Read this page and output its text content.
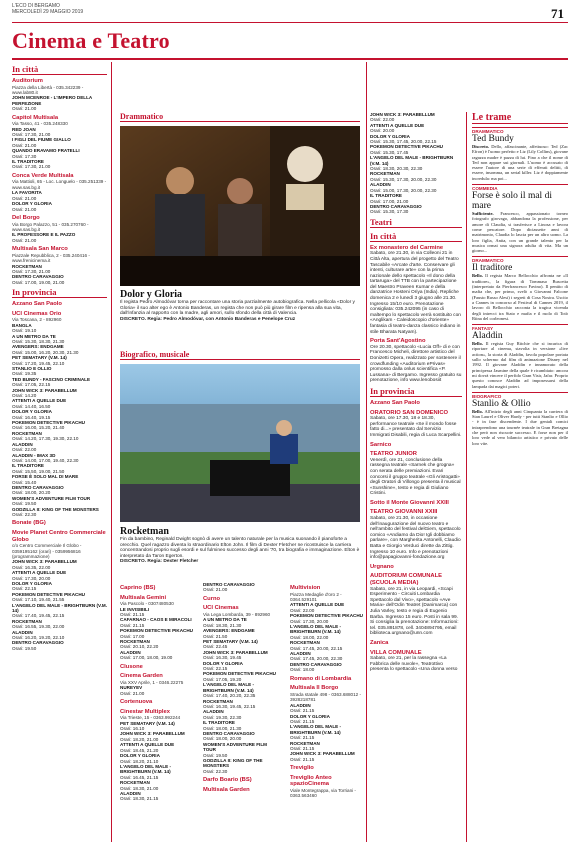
L'ECO DI BERGAMO
MERCOLEDÌ 29 MAGGIO 2019	71
Cinema e Teatro
In città
Auditorium
Piazza della Libertà - 035.342239 - www.lab80.it
JOHN MCENROE - L'IMPERO DELLA PERFEZIONE
Orari: 21.00
Capitol Multisala
Via Tasso, 41 - 035.248330
RED JOAN
Orari: 17.30, 21.00
I FIGLI DEL FIUME GIALLO
Orari: 21.00
QUANDO ERAVAMO FRATELLI
Orari: 17.30
IL TRADITORE
Orari: 17.30, 21.00
Conca Verde Multisala
Via Mattioli, 65 - Loc. Longuelo - 035.251339 - www.sas.bg.it
LA FAVORITA
Orari: 21.00
DOLOR Y GLORIA
Orari: 21.00
Del Borgo
Via Borgo Palazzo, 51 - 035.270760 - www.sas.bg.it
IL PROFESSORE E IL PAZZO
Orari: 21.00
Multisala San Marco
Piazzale Repubblica, 2 - 035.240416 - www.frenicinema.it
ROCKETMAN
Orari: 17.30, 21.00
DENTRO CARAVAGGIO
Orari: 17.00, 19.00, 21.00
In provincia
Azzano San Paolo
UCI Cinemas Orio
Via Toscana, 2 - 892960
BANGLA
Orari: 19.10
A UN METRO DA TE
Orari: 15.30, 18.30, 21.30
AVENGERS: ENDGAME
Orari: 15.00, 16.20, 20.30, 21.30
PET SEMATARY (V.M. 14)
Orari: 17.20, 19.45, 22.10
STANLIO E OLLIO
Orari: 19.35
TED BUNDY - FASCINO CRIMINALE
Orari: 17.05, 22.15
JOHN WICK 3: PARABELLUM
Orari: 14.20
ATTENTI A QUELLE DUE
Orari: 14.40, 16.50
DOLOR Y GLORIA
Orari: 16.40, 19.15
POKEMON DETECTIVE PIKACHU
Orari: 16.00, 15.20, 21.40
ROCKETMAN
Orari: 14.20, 17.30, 19.30, 22.10
ALADDIN
Orari: 22.00
ALADDIN - IMAX 3D
Orari: 14.00, 17.00, 19.40, 22.30
IL TRADITORE
Orari: 15.50, 19.00, 21.50
FORSE È SOLO MAL DI MARE
Orari: 15.40
DENTRO CARAVAGGIO
Orari: 18.00, 20.20
WOMEN'S ADVENTURE FILM TOUR
Orari: 19.50
GODZILLA II: KING OF THE MONSTERS
Orari: 22.30
Bonate (BG)
Movie Planet Centro Commerciale Globo
c/o Centro Commerciale Il Globo - 0359195162 (orari) - 0359956816 (programmazione)
JOHN WICK 3: PARABELLUM
Orari: 16.35, 22.00
ATTENTI A QUELLE DUE
Orari: 17.30, 20.00
DOLOR Y GLORIA
Orari: 22.15
POKEMON DETECTIVE PIKACHU
Orari: 17.10, 19.40, 21.55
L'ANGELO DEL MALE - BRIGHTBURN (V.M. 14)
Orari: 17.40, 19.45, 22.15
ROCKETMAN
Orari: 16.55, 19.30, 22.00
ALADDIN
Orari: 16.20, 19.20, 22.10
DENTRO CARAVAGGIO
Orari: 19.50
Drammatico
Dolor y Gloria
Il regista Pedro Almodóvar torna per raccontare una storia parzialmente autobiografica. Nella pellicola «Dolor y Gloria» il suo alter ego è Antonio Banderas, un regista che non può più girare film e ripensa alla sua vita, dall'infanzia al rapporto con la madre, agli amori, sullo sfondo della città di Valencia.
DISCRETO. Regia: Pedro Almodóvar, con Antonio Banderas e Penelope Cruz
Biografico, musicale
Rocketman
Fin da bambino, Reginald Dwight sognò di avere un talento naturale per la musica suonando il pianoforte a orecchio. Quel ragazzo diventa lo straordinario Elton John. Il film di Dexter Fletcher ne ricostruisce la carriera concentrandosi proprio sugli esordi e sul fulmineo successo degli anni '70, tra biografia e immaginazione. Elton è interpretato da Taron Egerton.
DISCRETO. Regia: Dexter Fletcher
Caprino (BS)
Multisala Gemini
Via Pascolo - 0307480530
LE INVISIBILI
Orari: 21.15
CAFARNAO - CAOS E MIRACOLI
Orari: 21.15
POKEMON DETECTIVE PIKACHU
Orari: 17.00
ROCKETMAN
Orari: 20.10, 22.20
ALADDIN
Orari: 17.00, 18.00, 19.00
Clusone
Cinema Garden
Via XXV Aprile, 1 - 0346.22275
NUREYEV
Orari: 21.00
Cortenuova
Cinestar Multiplex
Via Trieste, 15 - 0363.992244
PET SEMATARY (V.M. 14)
Orari: 16.10
JOHN WICK 3: PARABELLUM
Orari: 18.20, 21.00
ATTENTI A QUELLE DUE
Orari: 18.45, 21.20
DOLOR Y GLORIA
Orari: 18.20, 21.10
L'ANGELO DEL MALE - BRIGHTBURN (V.M. 14)
Orari: 16.45, 21.15
ROCKETMAN
Orari: 18.30, 21.00
ALADDIN
Orari: 18.30, 21.15
DENTRO CARAVAGGIO
Orari: 21.00
Curno
UCI Cinemas
Via Lega Lombarda, 39 - 892960
A UN METRO DA TE
Orari: 18.30, 21.30
AVENGERS: ENDGAME
Orari: 21.50
PET SEMATARY (V.M. 14)
Orari: 22.45
JOHN WICK 3: PARABELLUM
Orari: 16.30, 19.45
DOLOR Y GLORIA
Orari: 22.15
POKEMON DETECTIVE PIKACHU
Orari: 17.05, 19.20
L'ANGELO DEL MALE - BRIGHTBURN (V.M. 14)
Orari: 17.40, 20.20, 22.35
ROCKETMAN
Orari: 16.30, 19.45, 22.15
ALADDIN
Orari: 19.30, 22.30
IL TRADITORE
Orari: 18.00, 21.30
DENTRO CARAVAGGIO
Orari: 18.00, 20.00
WOMEN'S ADVENTURE FILM TOUR
Orari: 19.50
GODZILLA II: KING OF THE MONSTERS
Orari: 22.30
Darfo Boario (BS)
Multisala Garden
Multivision
Piazza Medaglie d'oro 2 - 0364.529101
ATTENTI A QUELLE DUE
Orari: 22.00
POKEMON DETECTIVE PIKACHU
Orari: 17.30, 20.00
L'ANGELO DEL MALE - BRIGHTBURN (V.M. 14)
Orari: 18.00, 22.00
ROCKETMAN
Orari: 17.45, 20.00, 22.15
ALADDIN
Orari: 17.45, 20.00, 22.30
DENTRO CARAVAGGIO
Orari: 18.00
Romano di Lombardia
Multisala Il Borgo
Strada statale 498 - 0363.688012 - 3928218781
ALADDIN
Orari: 21.15
DOLOR Y GLORIA
Orari: 21.15
L'ANGELO DEL MALE - BRIGHTBURN (V.M. 14)
Orari: 21.15
ROCKETMAN
Orari: 21.15
JOHN WICK 3: PARABELLUM
Orari: 21.15
Treviglio
Treviglio Anteo spazioCinema
Viale Montegrappa, via Torriani - 0363.563460
JOHN WICK 3: PARABELLUM
Orari: 22.00
ATTENTI A QUELLE DUE
Orari: 20.00
DOLOR Y GLORIA
Orari: 15.30, 17.45, 20.00, 22.15
POKEMON DETECTIVE PIKACHU
Orari: 15.30, 17.45
L'ANGELO DEL MALE - BRIGHTBURN (V.M. 14)
Orari: 18.30, 20.30, 22.30
ROCKETMAN
Orari: 15.30, 17.30, 20.00, 22.30
ALADDIN
Orari: 15.00, 17.30, 20.00, 22.30
IL TRADITORE
Orari: 17.00, 21.00
DENTRO CARAVAGGIO
Orari: 15.30, 17.30
Teatri
In città
Ex monastero del Carmine
Sabato, ore 21.30, in via Colleoni 21 in Città Alta, apertura del progetto del Teatro Tascabile «Arcate d'arte. Conservare gli intenti, culturare arte» con la prima nazionale dello spettacolo «Il dono della tartaruga» del TTB con la partecipazione del Maestro Praveen Kumar e della danzatrice Hosteni Oriya (India). Repliche domenica 2 e lunedì 3 giugno alle 21.30. Ingresso 15/10 euro. Prenotazione consigliata: 035.242095 (in caso di maltempo lo spettacolo verrà sostituito con «Anglikam - Caleidoscopio d'oriente» fantasia di teatro-danza classico indiano in stile Bharata Natyam).
Porta Sant'Agostino
Ore 20.30, spettacolo «Lucia Off» di e con Francesco Micheli, direttore artistico del Donizetti Opera, realizzato per sostenere il crowdfunding «Auditorium ePrivas» promosso dalla onlus scientifica «P. Lussana» di Bergamo. Ingresso gratuito su prenotazione, info www.lenobosiit
In provincia
Azzano San Paolo
ORATORIO SAN DOMENICO
Sabato, ore 17.30, 18 e 18.30, performance teatrale «Se il mondo fosse fatto di...» presentato dal Servizio Immigrati Disabili, regia di Luca Scarpellini.
Sarnico
TEATRO JUNIOR
Venerdì, ore 21, conclusione della rassegna teatrale «Sarnek che grogna» con serata delle premiazioni. Evari concorsi il gruppo teatrale «Gli Aristogatti» degli Oratori di Villongo presenta il musical «Sunshine», testo e regia di Giuliano Cristini.
Sotto il Monte Giovanni XXIII
TEATRO GIOVANNI XXIII
Sabato, ore 21.30, in occasione dell'inaugurazione del nuovo teatro e nell'ambito del festival delGiem, spettacolo comico «Andiamo da Dio! Igli dobbiamo parlare», con Margherita Antonelli, Claudio Batta e Giorgio Verduci dirette da Zittig. Ingresso 10 euro. Info e prenotazioni info@papagiovanni-fondazione.org
Urgnano
AUDITORIUM COMUNALE (SCUOLA MEDIA)
Sabato, ore 21, in via Leopardi, «Scapi Esperimento - Circuiti Lombardia Spettacolo dal Vivo», spettacolo «Ave Maria» dell'Odin Teatret (Danimarca) con Julia Varley, testo e regia di Eugenio Barba. Ingresso 15 euro. Posti in sala 99. Si consiglia la prenotazione: Informazioni: tel. 035.891878, cell. 3404894795, email biblioteca.urgnano@unn.com
Zanica
VILLA COMUNALE
Sabato, ore 21, per la rassegna «La Fabbrica delle nuvole», Teatrottivo presenta lo spettacolo «Una donna verso
Le trame
DRAMMATICO
Ted Bundy
Discreto. Dello, affascinante, affettuoso: Ted (Zac Efron) è l'uomo perfetto e Liz (Lily Collins), giovane ragazza madre è pazza di lui. Fino a che il nome di Ted non appare sui giornali. L'uomo è accusato di essere l'autore di una serie di efferati delitti, di essere, insomma, un serial killer. Liz è doppiamente incredula: ma poi...
COMMEDIA
Forse è solo il mal di mare
Sufficiente. Francesco, appassionato torneo fotografo girovago, abbandona la professione, per amore di Claudia, si trasferisce a Linosa e lavora come pescatore. Dopo diciassette anni di matrimonio, Claudia lo lascia per un altro uomo. La loro figlia, Anita, con un grande talento per la musica ormai una signora adulta di vita. Ma un giorno...
DRAMMATICO
Il traditore
Bello. Il regista Marco Bellocchio affronta ne «Il traditore», la figura di Tommaso Buscetta (interpretato da Pierfrancesco Favino). Il pentito di mafia che, per primo, svelò a Giovanni Falcone (Fausto Russo Alesi) i segreti di Cosa Nostra. Uscito a Cannes in concorso al Festival di Cannes 2019, il lavoro di Bellocchio racconta la tragica vicenda degli intrecci tra Stato e mafia e il ruolo di Totò Riina del corleonesi.
FANTASY
Aladdin
Bello. Il regista Guy Ritchie che si incarica di riportare al cinema, stavolta in versione «live action», la storia di Aladdin, favola popolare portata sullo schermo dal film di animazione Disney nel 1992. Il giovane Aladdin e innamorato della principessa Jasmine della quale è ricambiato: ancora mi dovrà vincere il perfido Gran Visir, Jafar. Proprio questo conosce Aladdin ad imposessarsi della lampada dai magici poteri.
BIOGRAFICO
Stanlio & Ollio
Bello. All'inizio degli anni Cinquanta la carriera di Stan Laurel e Oliver Hardy - per tutti Stanlio e Ollio - è in fase discendente. I due geniali comici intraprendono una tournée teatrale in Gran Bretagna che però non riscuote successo. E forse non per il loro vede al vero bilancio artistico e privato delle loro vite.
